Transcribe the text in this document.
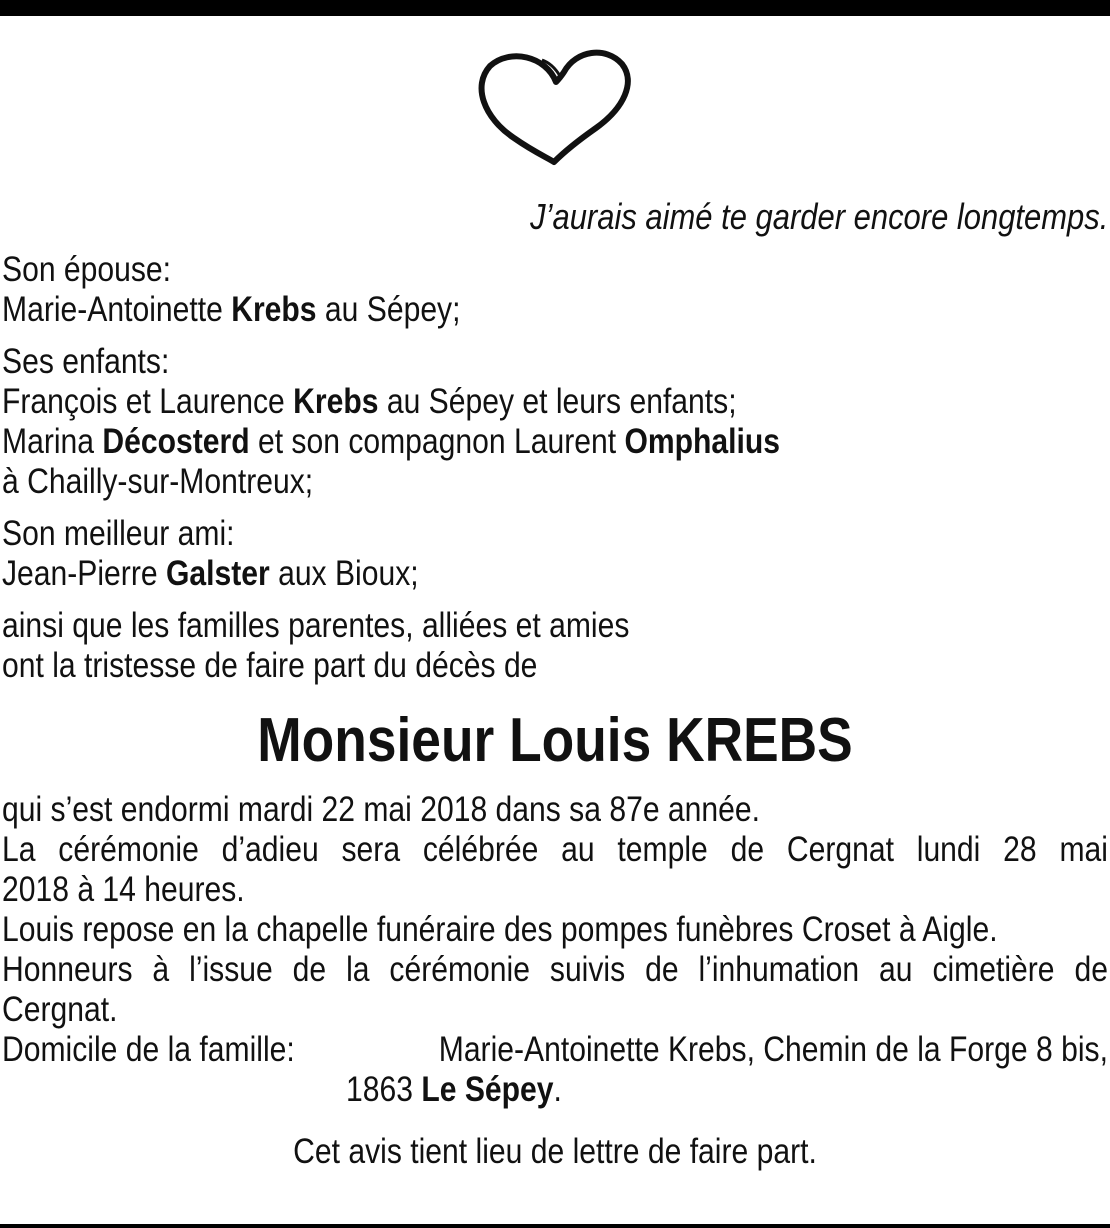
J’aurais aimé te garder encore longtemps.
Son épouse:
Marie-Antoinette Krebs au Sépey;
Ses enfants:
François et Laurence Krebs au Sépey et leurs enfants;
Marina Décosterd et son compagnon Laurent Omphalius
à Chailly-sur-Montreux;
Son meilleur ami:
Jean-Pierre Galster aux Bioux;
ainsi que les familles parentes, alliées et amies
ont la tristesse de faire part du décès de
Monsieur Louis KREBS
qui s’est endormi mardi 22 mai 2018 dans sa 87e année.
La cérémonie d’adieu sera célébrée au temple de Cergnat lundi 28 mai
2018 à 14 heures.
Louis repose en la chapelle funéraire des pompes funèbres Croset à Aigle.
Honneurs à l’issue de la cérémonie suivis de l’inhumation au cimetière de
Cergnat.
Domicile de la famille:	Marie-Antoinette Krebs, Chemin de la Forge 8 bis,
1863 Le Sépey.
Cet avis tient lieu de lettre de faire part.
